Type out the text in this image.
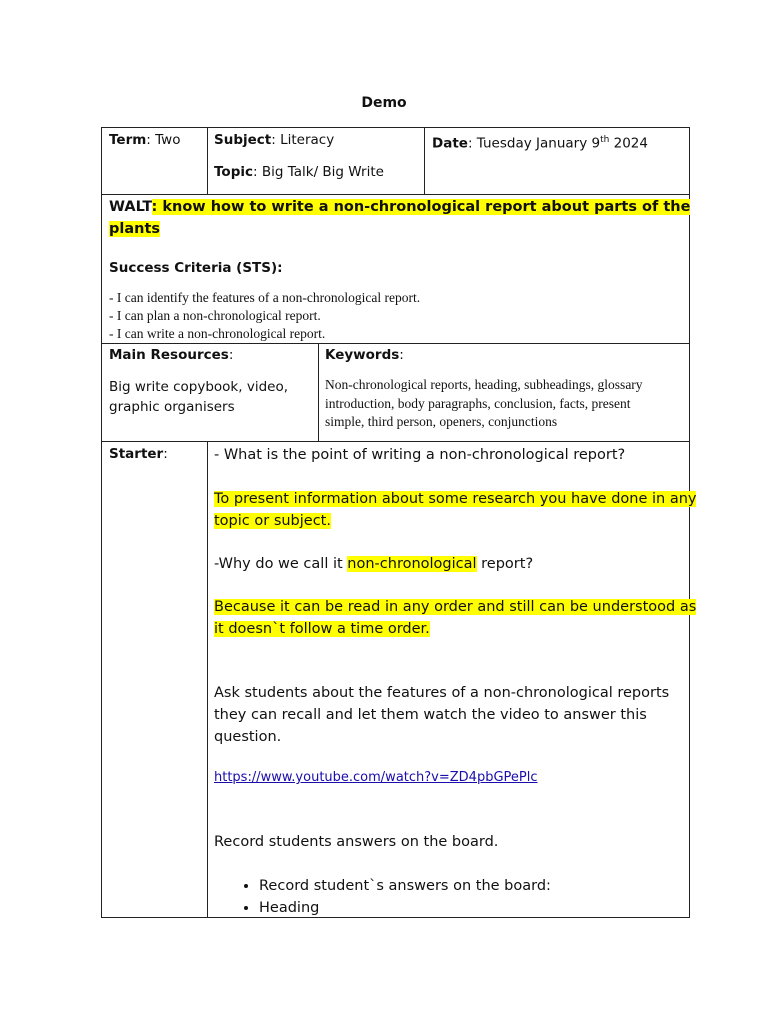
Demo
Term: Two Subject: Literacy
Topic: Big Talk/ Big Write
Date: Tuesday January 9th 2024
WALT: know how to write a non-chronological report about parts of the
plants
Success Criteria (STS):
- I can identify the features of a non-chronological report.
- I can plan a non-chronological report.
- I can write a non-chronological report.
Main Resources:
Big write copybook, video,
graphic organisers
Keywords:
Non-chronological reports, heading, subheadings, glossary
introduction, body paragraphs, conclusion, facts, present
simple, third person, openers, conjunctions
Starter:	- What is the point of writing a non-chronological report?
To present information about some research you have done in any
topic or subject.
-Why do we call it non-chronological report?
Because it can be read in any order and still can be understood as
it doesn`t follow a time order.
Ask students about the features of a non-chronological reports
they can recall and let them watch the video to answer this
question.
https://www.youtube.com/watch?v=ZD4pbGPePlc
Record students answers on the board.
• Record student`s answers on the board:
• Heading
